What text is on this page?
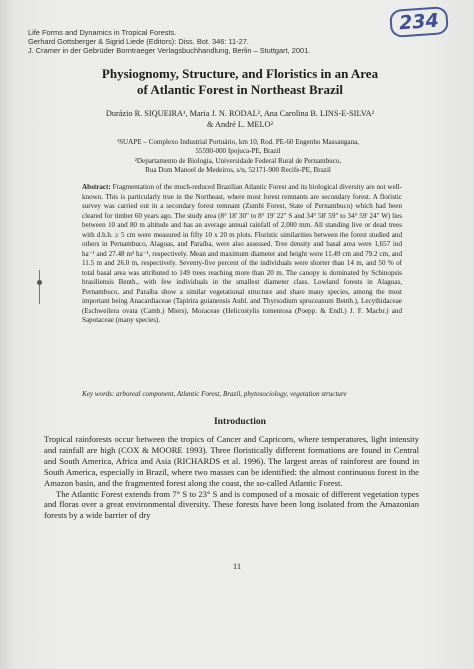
234
Life Forms and Dynamics in Tropical Forests.
Gerhard Gottsberger & Sigrid Liede (Editors): Diss. Bot. 346: 11-27.
J. Cramer in der Gebrüder Borntraeger Verlagsbuchhandlung, Berlin – Stuttgart, 2001.
Physiognomy, Structure, and Floristics in an Area
of Atlantic Forest in Northeast Brazil
Durázio R. SIQUEIRA¹, Maria J. N. RODAL², Ana Carolina B. LINS-E-SILVA²
& André L. MELO²

¹SUAPE – Complexo Industrial Portuário, km 10, Rod. PE-60 Engenho Massangana,

55590-000 Ipojuca-PE, Brazil

²Departamento de Biologia, Universidade Federal Rural de Pernambuco,

Rua Dom Manoel de Medeiros, s/n, 52171-900 Recife-PE, Brazil

Abstract: Fragmentation of the much-reduced Brazilian Atlantic Forest and its biological diversity are not well-known. This is particularly true in the Northeast, where most forest remnants are secondary forest. A floristic survey was carried out in a secondary forest remnant (Zumbi Forest, State of Pernambuco) which had been cleared for timber 60 years ago. The study area (8° 18' 30" to 8° 19' 22" S and 34° 58' 59" to 34° 59' 24" W) lies between 10 and 80 m altitude and has an average annual rainfall of 2,000 mm. All standing live or dead trees with d.b.h. ≥ 5 cm were measured in fifty 10 x 20 m plots. Floristic similarities between the forest studied and others in Pernambuco, Alagoas, and Paraíba, were also assessed. Tree density and basal area were 1,657 ind ha⁻¹ and 27.48 m² ha⁻¹, respectively. Mean and maximum diameter and height were 11.49 cm and 79.2 cm, and 11.5 m and 26.0 m, respectively. Seventy-five percent of the individuals were shorter than 14 m, and 50 % of total basal area was attributed to 149 trees reaching more than 20 m. The canopy is dominated by Schinopsis brasiliensis Benth., with few individuals in the smallest diameter class. Lowland forests in Alagoas, Pernambuco, and Paraíba show a similar vegetational structure and share many species, among the most important being Anacardiaceae (Tapirira guianensis Aubl. and Thyrsodium spruceanum Benth.), Lecythidaceae (Eschweilera ovata (Camb.) Miers), Moraceae (Helicostylis tomentosa (Poepp. & Endl.) J. F. Macbr.) and Sapotaceae (many species).
Key words: arboreal component, Atlantic Forest, Brazil, phytosociology, vegetation structure
Introduction

Tropical rainforests occur between the tropics of Cancer and Capricorn, where temperatures, light intensity and rainfall are high (COX & MOORE 1993). Three floristically different formations are found in Central and South America, Africa and Asia (RICHARDS et al. 1996). The largest areas of rainforest are found in South America, especially in Brazil, where two masses can be identified: the almost continuous forest in the Amazon basin, and the fragmented forest along the coast, the so-called Atlantic Forest.

The Atlantic Forest extends from 7° S to 23° S and is composed of a mosaic of different vegetation types and floras over a great environmental diversity. These forests have been long isolated from the Amazonian forests by a wide barrier of dry

11
